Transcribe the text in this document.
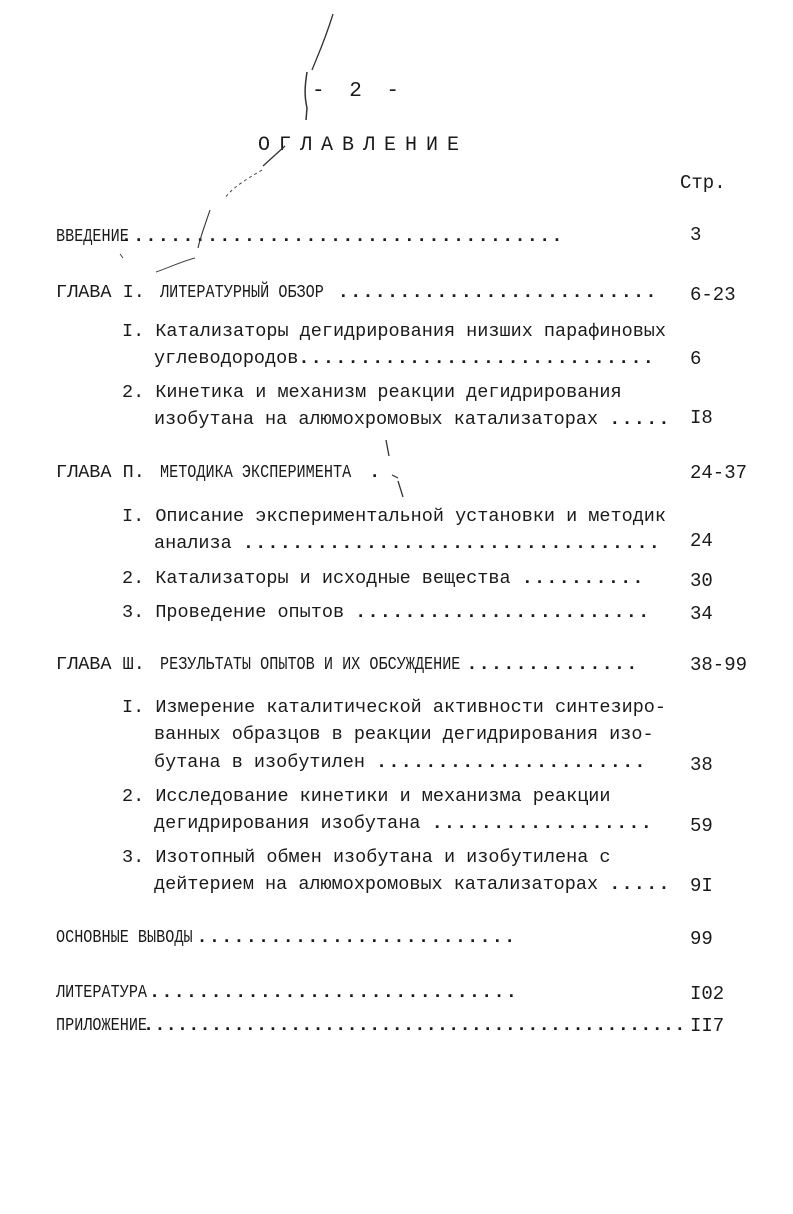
- 2 -
ОГЛАВЛЕНИЕ
Стр.
ВВЕДЕНИЕ....................................	3
ГЛАВА I. ЛИТЕРАТУРНЫЙ ОБЗОР .......................... 6-23
I. Катализаторы дегидрирования низших парафиновых
углеводородов............................. 6
2. Кинетика и механизм реакции дегидрирования
изобутана на алюмохромовых катализаторах ..... I8
ГЛАВА П. МЕТОДИКА ЭКСПЕРИМЕНТА .	24-37
I. Описание экспериментальной установки и методик
анализа .................................. 24
2. Катализаторы и исходные вещества .......... 30
3. Проведение опытов ........................ 34
ГЛАВА Ш. РЕЗУЛЬТАТЫ ОПЫТОВ И ИХ ОБСУЖДЕНИЕ ..............	38-99
I. Измерение каталитической активности синтезиро-
ванных образцов в реакции дегидрирования изо-
бутана в изобутилен ...................... 38
2. Исследование кинетики и механизма реакции
дегидрирования изобутана .................. 59
3. Изотопный обмен изобутана и изобутилена с
дейтерием на алюмохромовых катализаторах ..... 9I
ОСНОВНЫЕ ВЫВОДЫ ..........................	99
ЛИТЕРАТУРА ..............................	I02
ПРИЛОЖЕНИЕ................................................ II7
